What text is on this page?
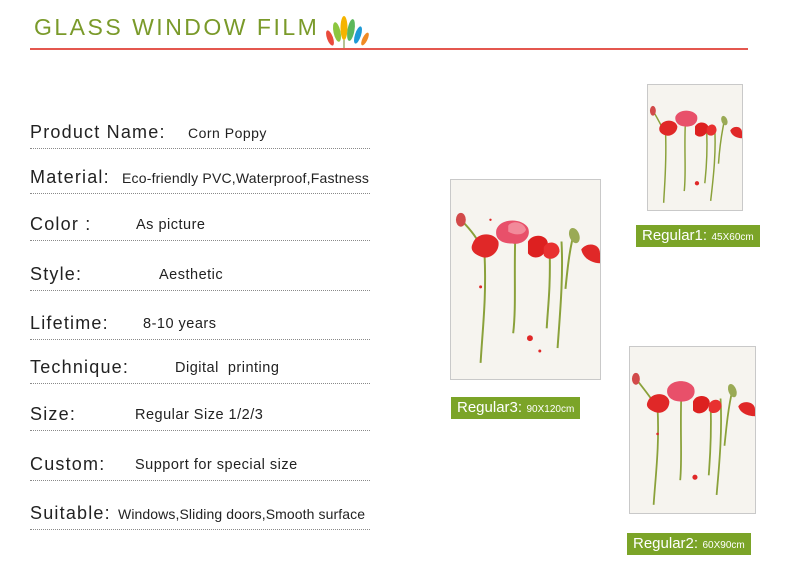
GLASS WINDOW FILM
Product Name: Corn Poppy
Material: Eco-friendly PVC,Waterproof,Fastness
Color :	As picture
Style:	Aesthetic
Lifetime: 8-10 years
Technique:	Digital  printing
Size:	Regular Size 1/2/3
Custom: Support for special size
Suitable: Windows,Sliding doors,Smooth surface
Regular3: 90X120cm
Regular1: 45X60cm
Regular2: 60X90cm
